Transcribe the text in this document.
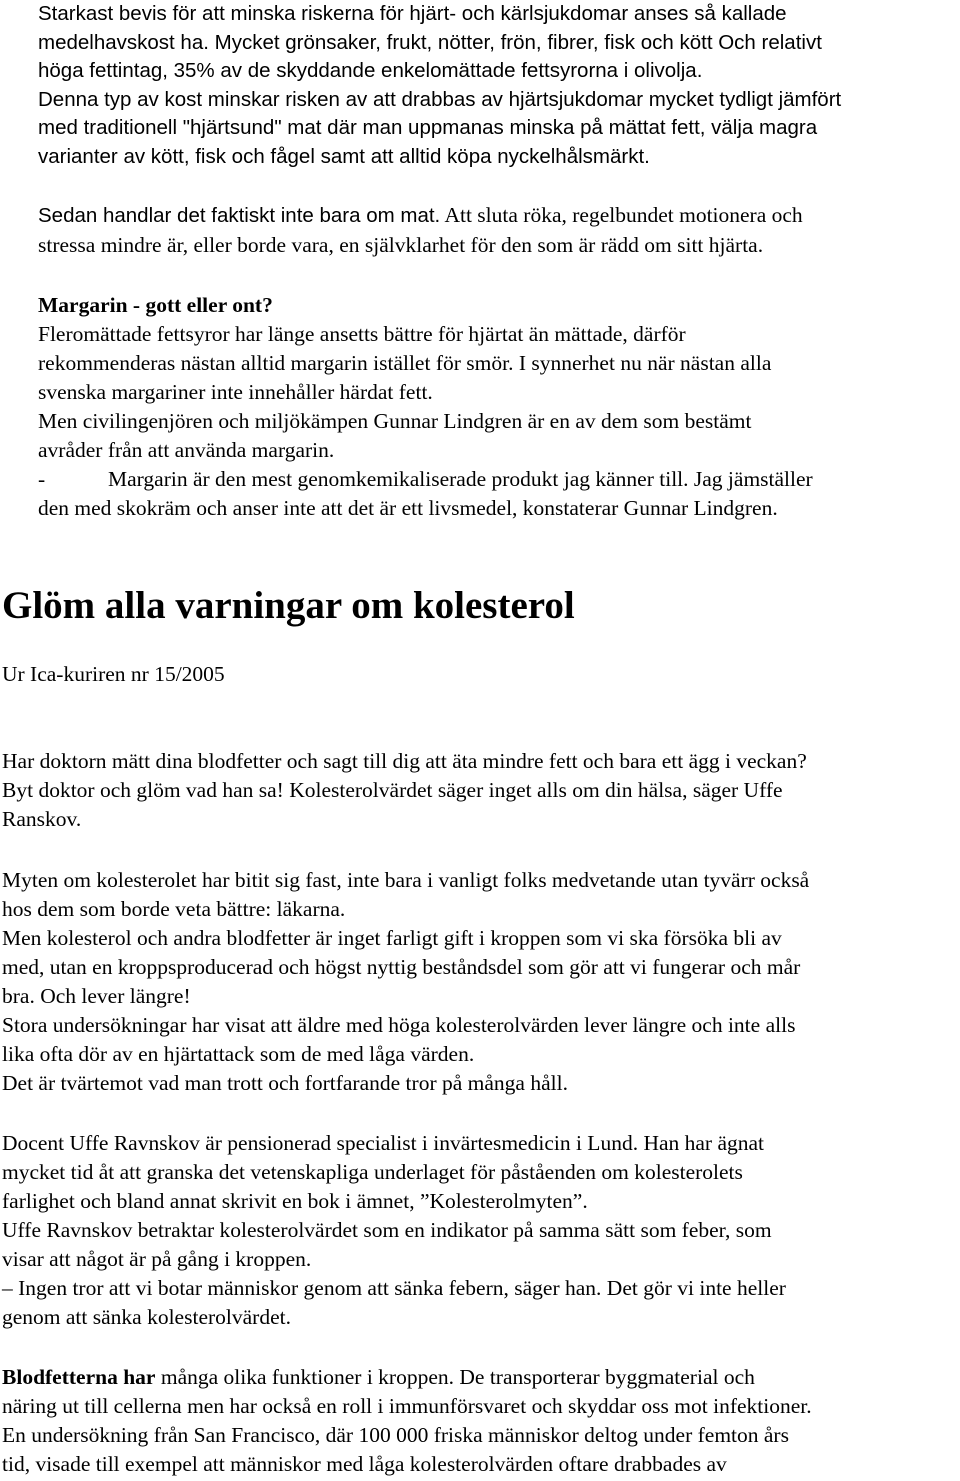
Starkast bevis för att minska riskerna för hjärt- och kärlsjukdomar anses så kallade

medelhavskost ha. Mycket grönsaker, frukt, nötter, frön, fibrer, fisk och kött Och relativt

höga fettintag, 35% av de skyddande enkelomättade fettsyrorna i olivolja.

Denna typ av kost minskar risken av att drabbas av hjärtsjukdomar mycket tydligt jämfört

med traditionell "hjärtsund" mat där man uppmanas minska på mättat fett, välja magra

varianter av kött, fisk och fågel samt att alltid köpa nyckelhålsmärkt.

Sedan handlar det faktiskt inte bara om mat. Att sluta röka, regelbundet motionera och

stressa mindre är, eller borde vara, en självklarhet för den som är rädd om sitt hjärta.

Margarin - gott eller ont?

Fleromättade fettsyror har länge ansetts bättre för hjärtat än mättade, därför

rekommenderas nästan alltid margarin istället för smör. I synnerhet nu när nästan alla

svenska margariner inte innehåller härdat fett.

Men civilingenjören och miljökämpen Gunnar Lindgren är en av dem som bestämt

avråder från att använda margarin.

-	Margarin är den mest genomkemikaliserade produkt jag känner till. Jag jämställer

den med skokräm och anser inte att det är ett livsmedel, konstaterar Gunnar Lindgren.

Glöm alla varningar om kolesterol

Ur Ica-kuriren nr 15/2005

Har doktorn mätt dina blodfetter och sagt till dig att äta mindre fett och bara ett ägg i veckan?

Byt doktor och glöm vad han sa! Kolesterolvärdet säger inget alls om din hälsa, säger Uffe

Ranskov.

Myten om kolesterolet har bitit sig fast, inte bara i vanligt folks medvetande utan tyvärr också

hos dem som borde veta bättre: läkarna.

Men kolesterol och andra blodfetter är inget farligt gift i kroppen som vi ska försöka bli av

med, utan en kroppsproducerad och högst nyttig beståndsdel som gör att vi fungerar och mår

bra. Och lever längre!

Stora undersökningar har visat att äldre med höga kolesterolvärden lever längre och inte alls

lika ofta dör av en hjärtattack som de med låga värden.

Det är tvärtemot vad man trott och fortfarande tror på många håll.

Docent Uffe Ravnskov är pensionerad specialist i invärtesmedicin i Lund. Han har ägnat

mycket tid åt att granska det vetenskapliga underlaget för påståenden om kolesterolets

farlighet och bland annat skrivit en bok i ämnet, ”Kolesterolmyten”.

Uffe Ravnskov betraktar kolesterolvärdet som en indikator på samma sätt som feber, som

visar att något är på gång i kroppen.

– Ingen tror att vi botar människor genom att sänka febern, säger han. Det gör vi inte heller

genom att sänka kolesterolvärdet.

Blodfetterna har många olika funktioner i kroppen. De transporterar byggmaterial och

näring ut till cellerna men har också en roll i immunförsvaret och skyddar oss mot infektioner.

En undersökning från San Francisco, där 100 000 friska människor deltog under femton års

tid, visade till exempel att människor med låga kolesterolvärden oftare drabbades av
